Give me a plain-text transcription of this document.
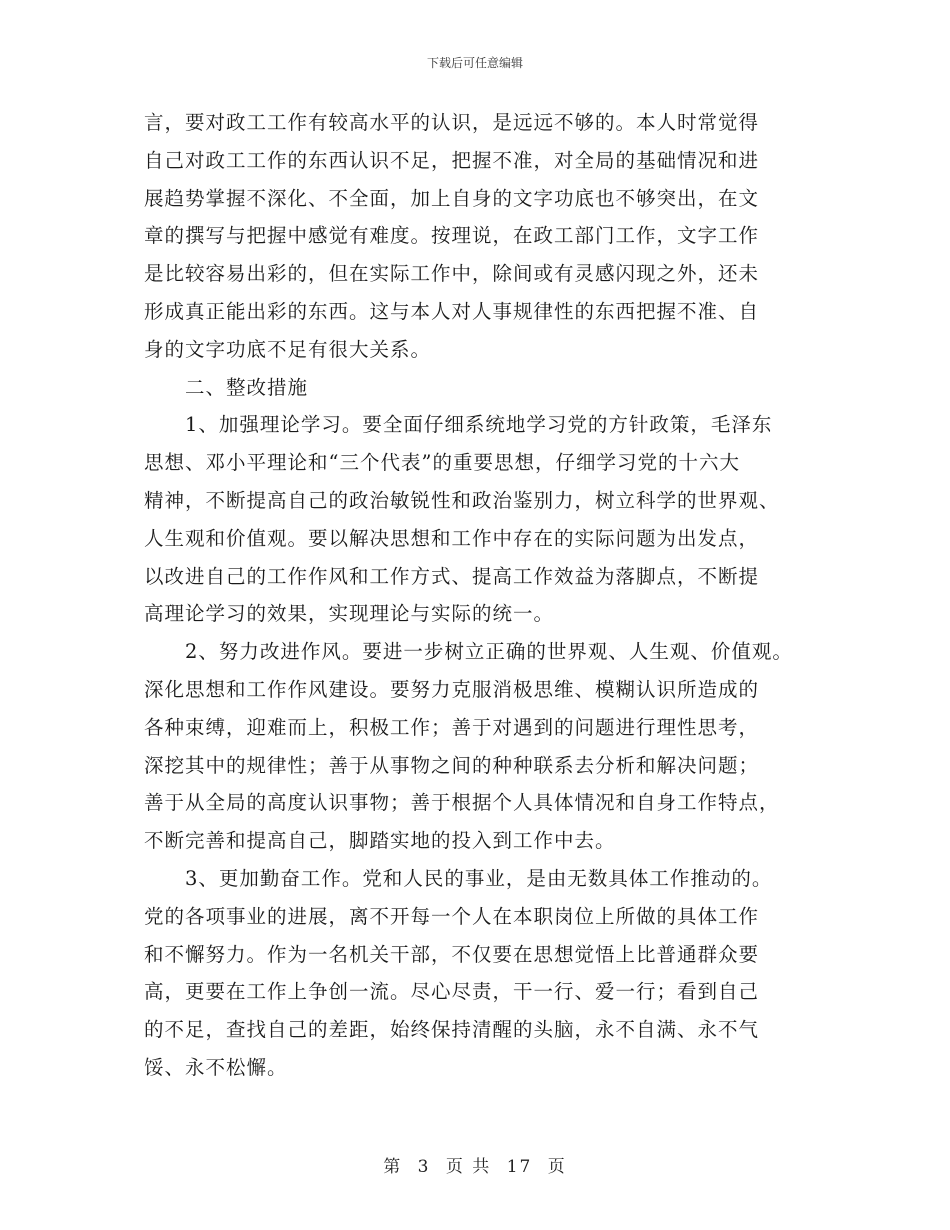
下载后可任意编辑
言，要对政工工作有较高水平的认识，是远远不够的。本人时常觉得
自己对政工工作的东西认识不足，把握不准，对全局的基础情况和进
展趋势掌握不深化、不全面，加上自身的文字功底也不够突出，在文
章的撰写与把握中感觉有难度。按理说，在政工部门工作，文字工作
是比较容易出彩的，但在实际工作中，除间或有灵感闪现之外，还未
形成真正能出彩的东西。这与本人对人事规律性的东西把握不准、自
身的文字功底不足有很大关系。
二、整改措施
1、加强理论学习。要全面仔细系统地学习党的方针政策，毛泽东
思想、邓小平理论和“三个代表”的重要思想，仔细学习党的十六大
精神，不断提高自己的政治敏锐性和政治鉴别力，树立科学的世界观、
人生观和价值观。要以解决思想和工作中存在的实际问题为出发点，
以改进自己的工作作风和工作方式、提高工作效益为落脚点，不断提
高理论学习的效果，实现理论与实际的统一。
2、努力改进作风。要进一步树立正确的世界观、人生观、价值观。
深化思想和工作作风建设。要努力克服消极思维、模糊认识所造成的
各种束缚，迎难而上，积极工作；善于对遇到的问题进行理性思考，
深挖其中的规律性；善于从事物之间的种种联系去分析和解决问题；
善于从全局的高度认识事物；善于根据个人具体情况和自身工作特点，
不断完善和提高自己，脚踏实地的投入到工作中去。
3、更加勤奋工作。党和人民的事业，是由无数具体工作推动的。
党的各项事业的进展，离不开每一个人在本职岗位上所做的具体工作
和不懈努力。作为一名机关干部，不仅要在思想觉悟上比普通群众要
高，更要在工作上争创一流。尽心尽责，干一行、爱一行；看到自己
的不足，查找自己的差距，始终保持清醒的头脑，永不自满、永不气
馁、永不松懈。
第 3 页 共 17 页
